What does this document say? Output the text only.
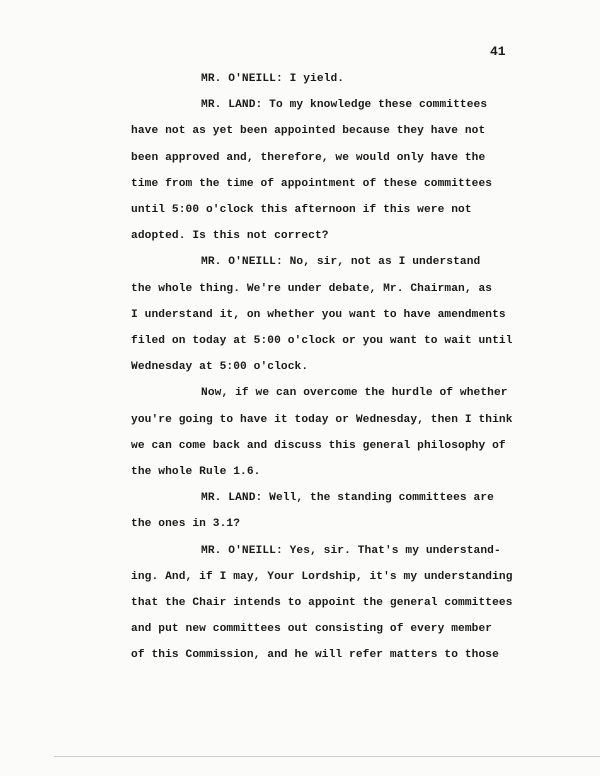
41
MR. O'NEILL: I yield.
MR. LAND: To my knowledge these committees
have not as yet been appointed because they have not
been approved and, therefore, we would only have the
time from the time of appointment of these committees
until 5:00 o'clock this afternoon if this were not
adopted. Is this not correct?
MR. O'NEILL: No, sir, not as I understand
the whole thing. We're under debate, Mr. Chairman, as
I understand it, on whether you want to have amendments
filed on today at 5:00 o'clock or you want to wait until
Wednesday at 5:00 o'clock.
Now, if we can overcome the hurdle of whether
you're going to have it today or Wednesday, then I think
we can come back and discuss this general philosophy of
the whole Rule 1.6.
MR. LAND: Well, the standing committees are
the ones in 3.1?
MR. O'NEILL: Yes, sir. That's my understand-
ing. And, if I may, Your Lordship, it's my understanding
that the Chair intends to appoint the general committees
and put new committees out consisting of every member
of this Commission, and he will refer matters to those
